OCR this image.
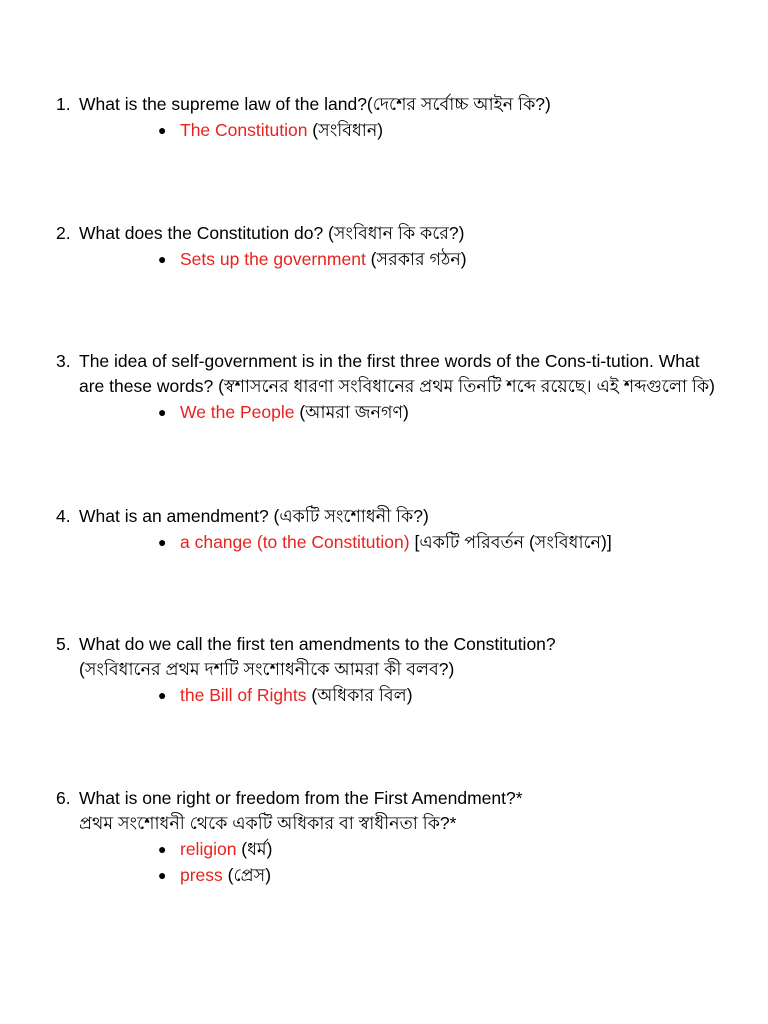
1. What is the supreme law of the land?(দেশের সর্বোচ্চ আইন কি?)
● The Constitution (সংবিধান)
2. What does the Constitution do? (সংবিধান কি করে?)
● Sets up the government (সরকার গঠন)
3. The idea of self-government is in the first three words of the Cons-ti-tution. What
are these words? (স্বশাসনের ধারণা সংবিধানের প্রথম তিনটি শব্দে রয়েছে। এই শব্দগুলো কি)
● We the People (আমরা জনগণ)
4. What is an amendment? (একটি সংশোধনী কি?)
● a change (to the Constitution) [একটি পরিবর্তন (সংবিধানে)]
5. What do we call the first ten amendments to the Constitution?
(সংবিধানের প্রথম দশটি সংশোধনীকে আমরা কী বলব?)
● the Bill of Rights (অধিকার বিল)
6. What is one right or freedom from the First Amendment?*
প্রথম সংশোধনী থেকে একটি অধিকার বা স্বাধীনতা কি?*
● religion (ধর্ম)
● press (প্রেস)
